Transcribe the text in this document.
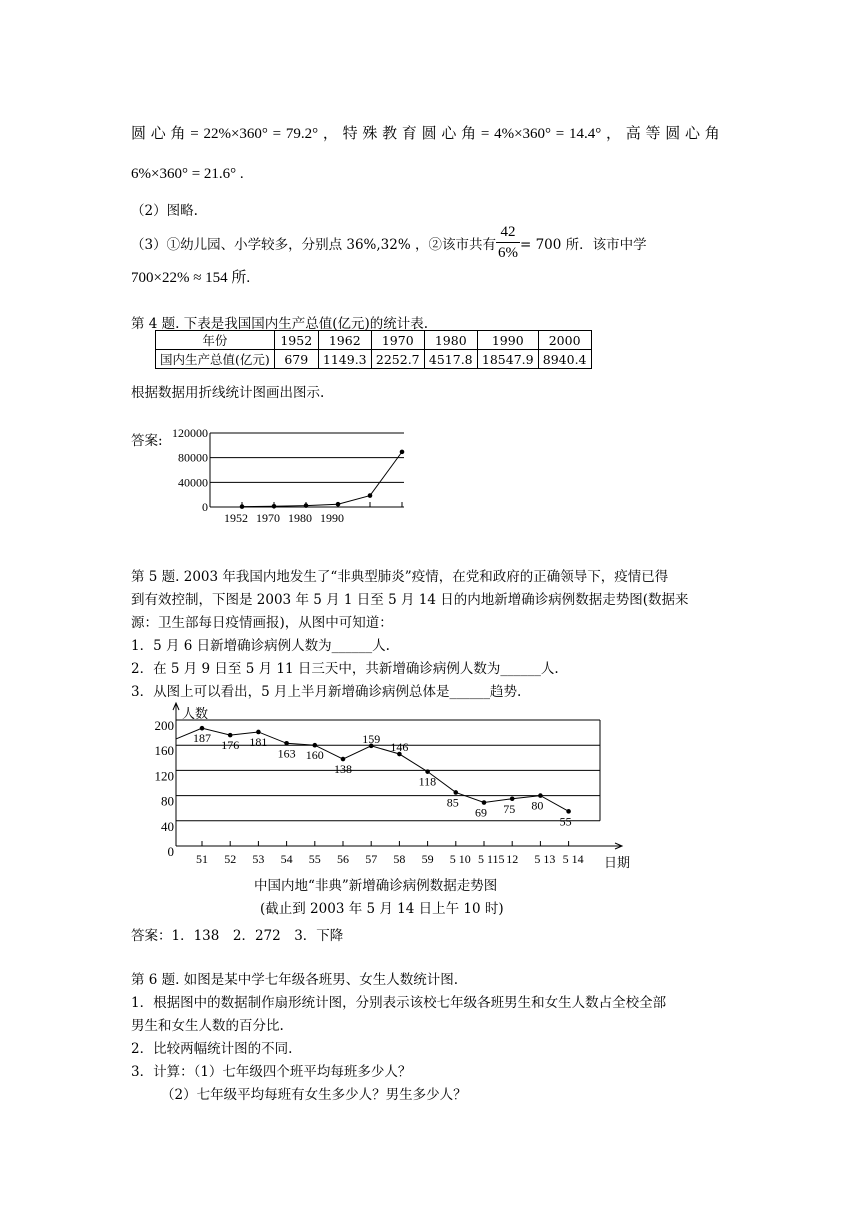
圆 心 角 = 22%×360° = 79.2° ， 特 殊 教 育 圆 心 角 = 4%×360° = 14.4° ， 高 等 圆 心 角
6%×360° = 21.6° .
（2）图略.
（3）①幼儿园、小学较多，分别点 36%,32% ，②该市共有 $\frac{42}{6\%} = 700$ 所．该市中学
700×22% ≈ 154 所.
第 4 题. 下表是我国国内生产总值(亿元)的统计表.
年份	1952	1962	1970	1980	1990	2000
国内生产总值(亿元)	679	1149.3	2252.7	4517.8	18547.9	8940.4
根据数据用折线统计图画出图示.
答案:
0
40000
80000
120000
1952 1970 1980 1990
第 5 题. 2003 年我国内地发生了“非典型肺炎”疫情，在党和政府的正确领导下，疫情已得
到有效控制，下图是 2003 年 5 月 1 日至 5 月 14 日的内地新增确诊病例数据走势图(数据来
源：卫生部每日疫情画报)，从图中可知道：
1．5 月 6 日新增确诊病例人数为______人.
2．在 5 月 9 日至 5 月 11 日三天中，共新增确诊病例人数为______人.
3．从图上可以看出，5 月上半月新增确诊病例总体是______趋势.
0
40
80
120
160
200
人数
日期
51 52 53 54 55 56 57 58 59 5 10 5 115 12 5 13 5 14
187 176 181
163 160
138
159
146
118
85
69 75 80
55
中国内地“非典”新增确诊病例数据走势图
(截止到 2003 年 5 月 14 日上午 10 时)
答案：1．138　2．272　3．下降
第 6 题. 如图是某中学七年级各班男、女生人数统计图.
1．根据图中的数据制作扇形统计图，分别表示该校七年级各班男生和女生人数占全校全部
男生和女生人数的百分比.
2．比较两幅统计图的不同.
3．计算：（1）七年级四个班平均每班多少人？
（2）七年级平均每班有女生多少人？男生多少人？
